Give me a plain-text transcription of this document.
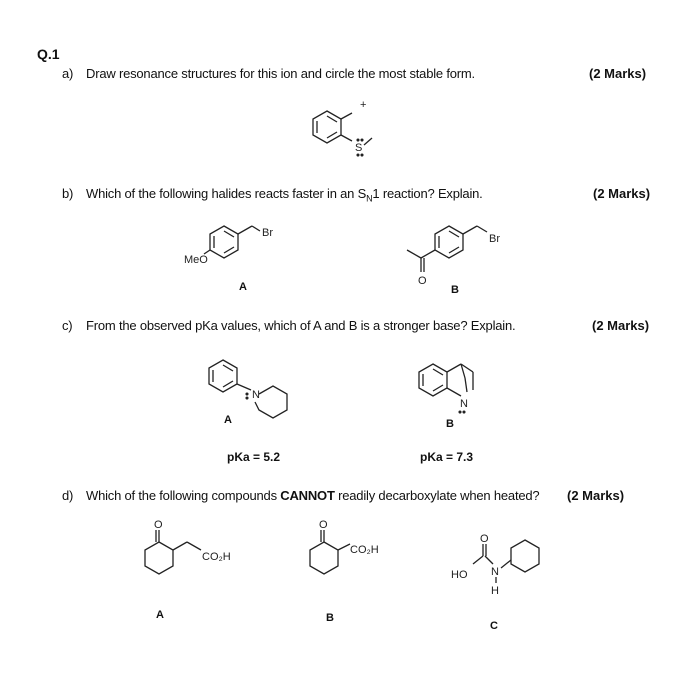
Q.1
a) Draw resonance structures for this ion and circle the most stable form.	(2 Marks)
+
S
b) Which of the following halides reacts faster in an $S_N1$ reaction? Explain.	(2 Marks)
Br
MeO
A
Br
O
B
c) From the observed pKa values, which of A and B is a stronger base? Explain.	(2 Marks)
N
A
N
B
pKa = 5.2	pKa = 7.3
d) Which of the following compounds CANNOT readily decarboxylate when heated? (2 Marks)
O
CO₂H
A
O
CO₂H
B
O
HO N
H
C
